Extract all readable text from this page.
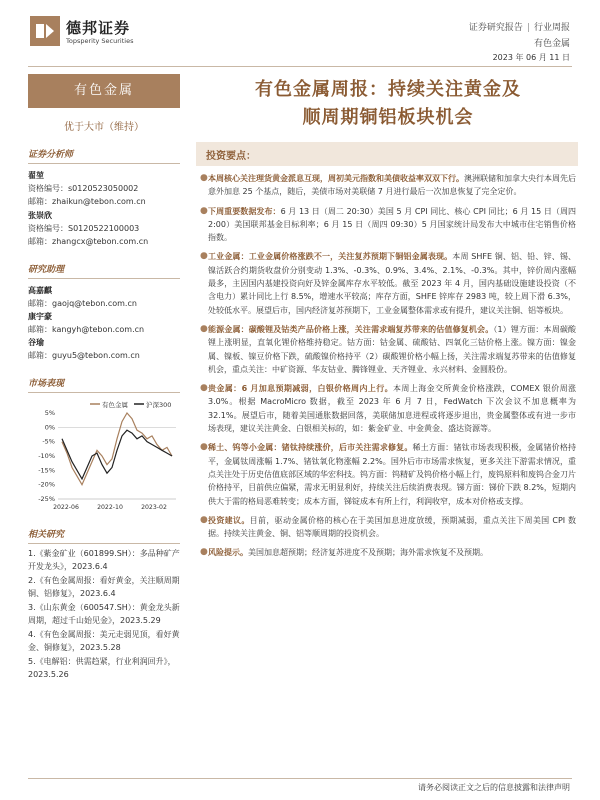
德邦证券
Topsperity Securities
证券研究报告 | 行业周报
有色金属
2023 年 06 月 11 日
有色金属
优于大市（维持）
证券分析师
翟堃
资格编号：s0120523050002
邮箱：zhaikun@tebon.com.cn
张崇欣
资格编号：S0120522100003
邮箱：zhangcx@tebon.com.cn
研究助理
高嘉麒
邮箱：gaojq@tebon.com.cn
康宇豪
邮箱：kangyh@tebon.com.cn
谷瑜
邮箱：guyu5@tebon.com.cn
市场表现
有色金属	沪深300
5%
0%
-5%
-10%
-15%
-20%
-25%
2022-06	2022-10	2023-02
相关研究
1.《紫金矿业（601899.SH）：多品种矿产开发龙头》，2023.6.4
2.《有色金属周报：看好黄金，关注顺周期铜、铝修复》，2023.6.4
3.《山东黄金（600547.SH）：黄金龙头新周期，超过千山始见金》，2023.5.29
4.《有色金属周报：美元走弱见顶，看好黄金、铜修复》，2023.5.28
5.《电解铝：供需趋紧，行业利润回升》，2023.5.26
有色金属周报：持续关注黄金及
顺周期铜铝板块机会
投资要点：
● 本周核心关注理货黄金派息互现，周初美元指数和美债收益率双双下行。澳洲联储和加拿大央行本周先后意外加息 25 个基点，随后，美债市场对美联储 7 月进行最后一次加息恢复了完全定价。
● 下周重要数据发布：6 月 13 日（周二 20:30）美国 5 月 CPI 同比、核心 CPI 同比；6 月 15 日（周四 2:00）美国联邦基金目标利率；6 月 15 日（周四 09:30）5 月国家统计局发布大中城市住宅销售价格指数。
● 工业金属：工业金属价格涨跌不一，关注复苏预期下铜铝金属表现。本周 SHFE 铜、铝、铅、锌、锡、镍活跃合约期货收盘价分别变动 1.3%、-0.3%、0.9%、3.4%、2.1%、-0.3%。其中，锌价周内涨幅最多，主因国内基建投资向好及锌金属库存水平较低。截至 2023 年 4 月，国内基础设施建设投资（不含电力）累计同比上行 8.5%，增速水平较高；库存方面，SHFE 锌库存 2983 吨，较上周下滑 6.3%，处较低水平。展望后市，国内经济复苏预期下，工业金属整体需求或有提升，建议关注铜、铝等板块。
● 能源金属：碳酸锂及钴类产品价格上涨，关注需求端复苏带来的估值修复机会。（1）锂方面：本周碳酸锂上涨明显，直氧化锂价格维持稳定。钴方面：钴金属、硫酸钴、四氧化三钴价格上涨。镍方面：镍金属、镍板、镍豆价格下跌，硫酸镍价格持平（2）碳酸锂价格小幅上扬，关注需求端复苏带来的估值修复机会，重点关注：中矿资源、华友钴业、腾锋锂业、天齐锂业、永兴材料、金圆股份。
● 贵金属：6 月加息预期减弱，白银价格周内上行。本周上海金交所黄金价格涨跌，COMEX 银价周涨 3.0%。根据 MacroMicro 数据，截至 2023 年 6 月 7 日，FedWatch 下次会议不加息概率为 32.1%。展望后市，随着美国通胀数据回落，美联储加息进程或将逐步退出，贵金属整体或有进一步市场表现，建议关注黄金、白银相关标的，如：紫金矿业、中金黄金、盛达资源等。
● 稀土、钨等小金属：锗钛持续涨价，后市关注需求修复。稀土方面：锗钛市场表现积极，金属锗价格持平，金属钛周涨幅 1.7%、锗钛氧化物涨幅 2.2%。国外后市市场需求恢复，更多关注下游需求情况，重点关注处于历史估值底部区域的华宏科技。钨方面：钨精矿及钨价格小幅上行，废钨原料和废钨合金刀片价格持平，目前供应偏紧，需求无明显利好，持续关注后续消费表现。锑方面：锑价下跌 8.2%，短期内供大于需的格局恶难转变；成本方面，锑锭成本有所上行，利润收窄，成本对价格或支撑。
● 投资建议。目前，驱动金属价格的核心在于美国加息进度放缓，预期减弱，重点关注下周美国 CPI 数据。持续关注黄金、铜、铝等顺周期的投资机会。
● 风险提示。美国加息超预期；经济复苏进度不及预期；海外需求恢复不及预期。
请务必阅读正文之后的信息披露和法律声明
